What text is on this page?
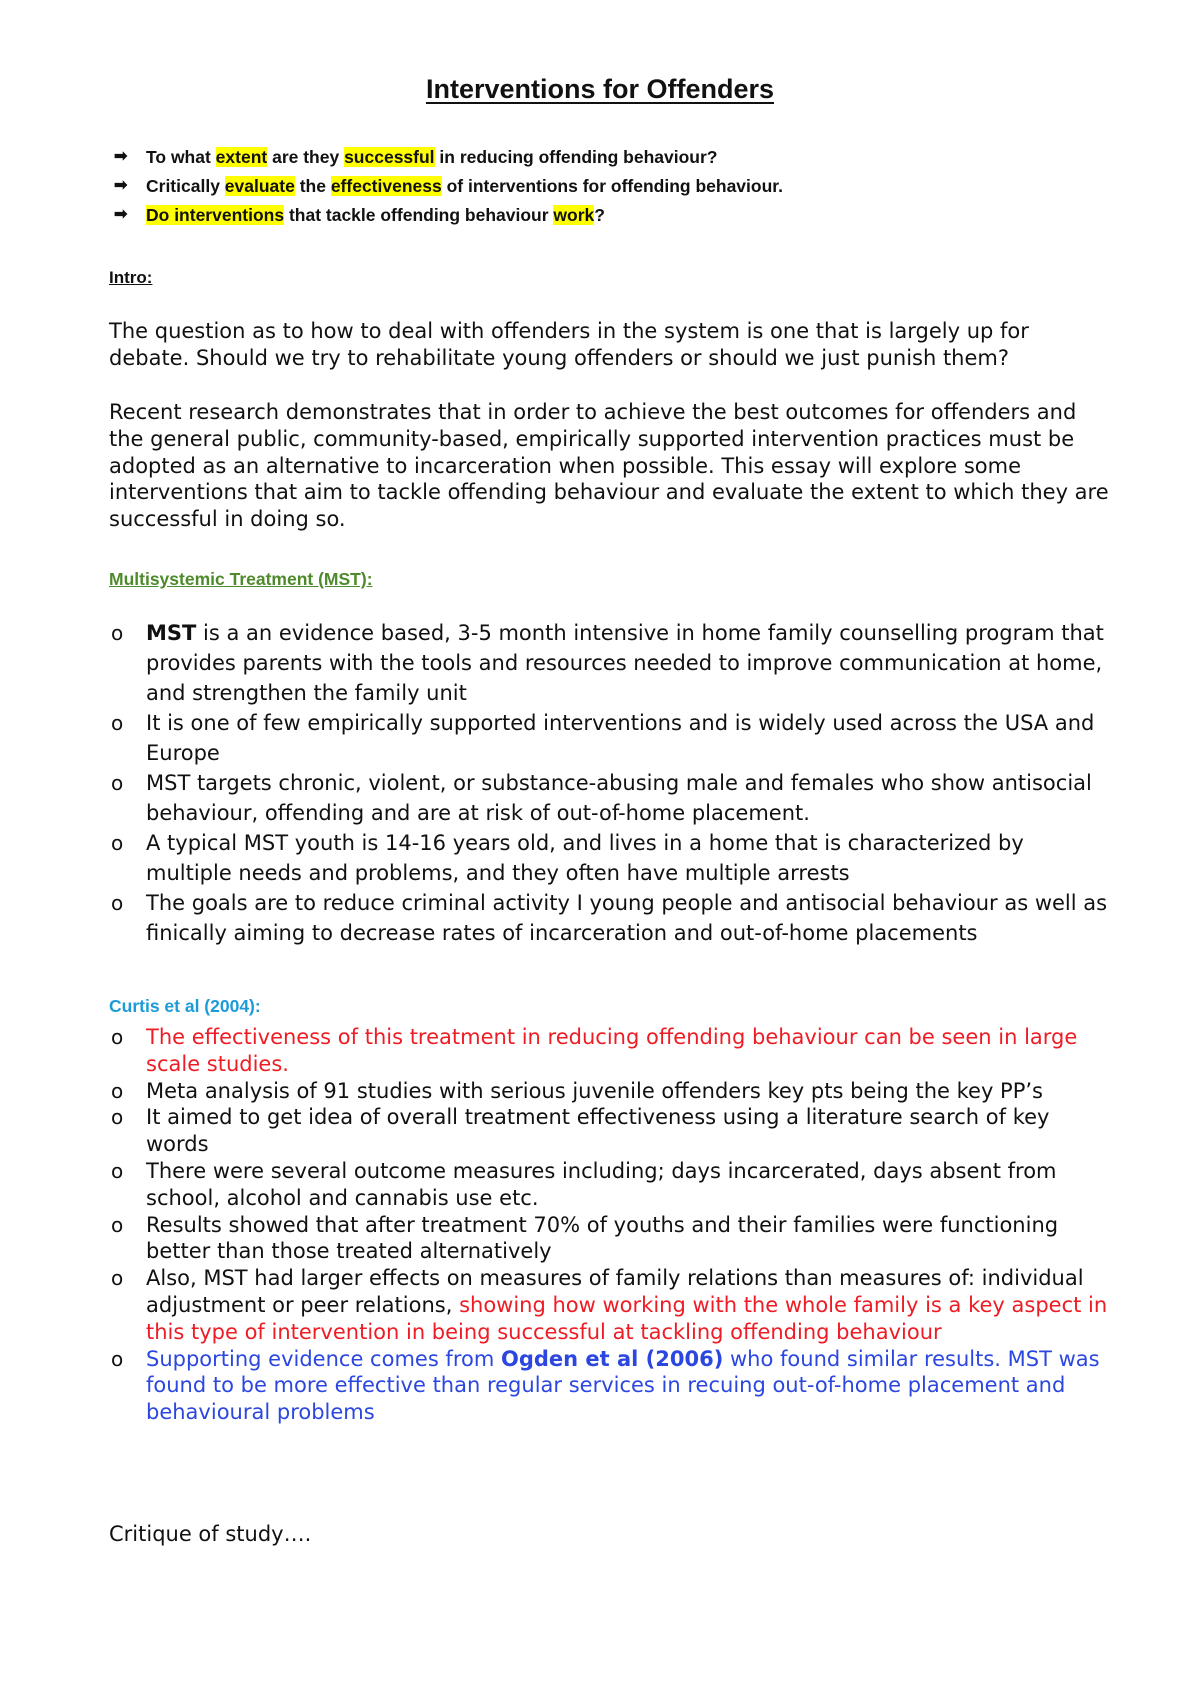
Interventions for Offenders
➡ To what extent are they successful in reducing offending behaviour?
➡ Critically evaluate the effectiveness of interventions for offending behaviour.
➡ Do interventions that tackle offending behaviour work?
Intro:

The question as to how to deal with offenders in the system is one that is largely up for debate. Should we try to rehabilitate young offenders or should we just punish them?

Recent research demonstrates that in order to achieve the best outcomes for offenders and the general public, community-based, empirically supported intervention practices must be adopted as an alternative to incarceration when possible. This essay will explore some interventions that aim to tackle offending behaviour and evaluate the extent to which they are successful in doing so.

Multisystemic Treatment (MST):
o MST is a an evidence based, 3-5 month intensive in home family counselling program that provides parents with the tools and resources needed to improve communication at home, and strengthen the family unit
o It is one of few empirically supported interventions and is widely used across the USA and Europe
o MST targets chronic, violent, or substance-abusing male and females who show antisocial behaviour, offending and are at risk of out-of-home placement.
o A typical MST youth is 14-16 years old, and lives in a home that is characterized by multiple needs and problems, and they often have multiple arrests
o The goals are to reduce criminal activity I young people and antisocial behaviour as well as finically aiming to decrease rates of incarceration and out-of-home placements
Curtis et al (2004):
o The effectiveness of this treatment in reducing offending behaviour can be seen in large scale studies.
o Meta analysis of 91 studies with serious juvenile offenders key pts being the key PP’s
o It aimed to get idea of overall treatment effectiveness using a literature search of key words
o There were several outcome measures including; days incarcerated, days absent from school, alcohol and cannabis use etc.
o Results showed that after treatment 70% of youths and their families were functioning better than those treated alternatively
o Also, MST had larger effects on measures of family relations than measures of: individual adjustment or peer relations, showing how working with the whole family is a key aspect in this type of intervention in being successful at tackling offending behaviour
o Supporting evidence comes from Ogden et al (2006) who found similar results. MST was found to be more effective than regular services in recuing out-of-home placement and behavioural problems
Critique of study….
